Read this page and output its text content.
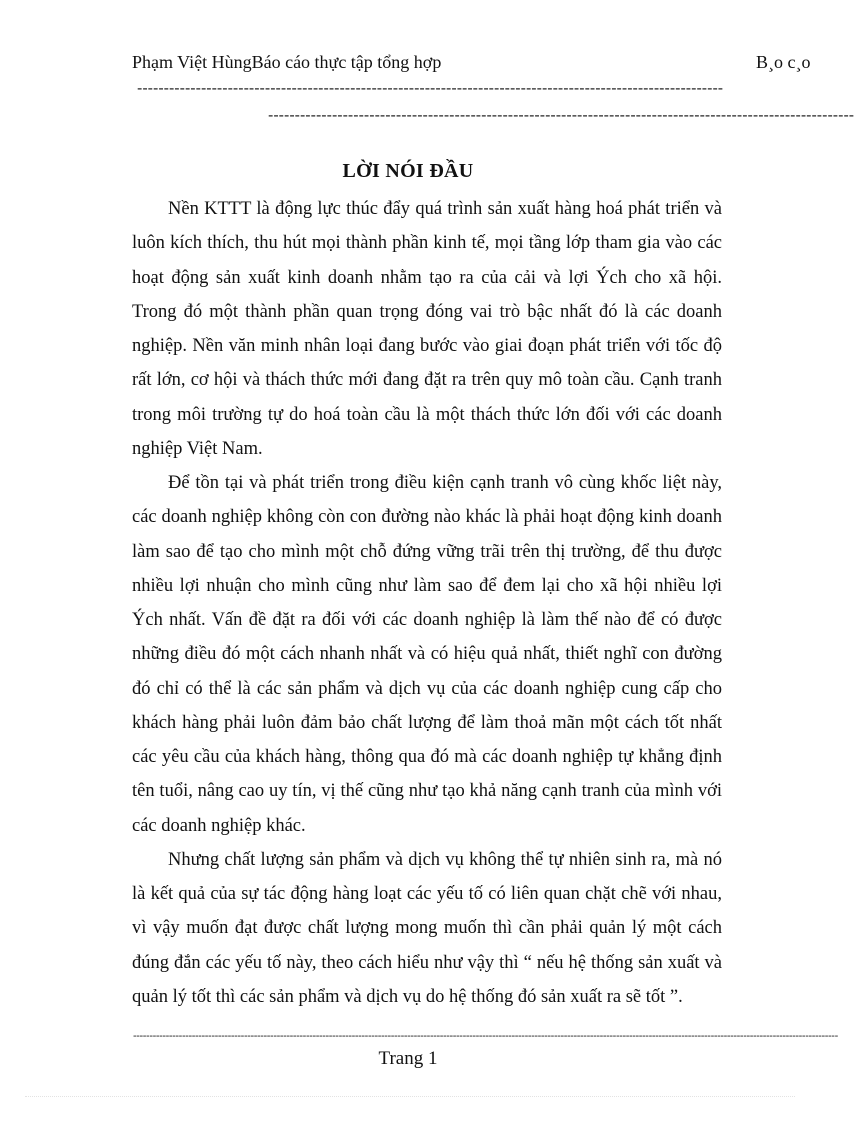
Phạm Việt HùngBáo cáo thực tập tổng hợp	B¸o c¸o
--------------------------------------------------------------------------------------------------------------
--------------------------------------------------------------------------------------------------------------
LỜI NÓI ĐẦU

Nền KTTT là động lực thúc đẩy quá trình sản xuất hàng hoá phát triển và luôn kích thích, thu hút mọi thành phần kinh tế, mọi tầng lớp tham gia vào các hoạt động sản xuất kinh doanh nhằm tạo ra của cải và lợi Ých cho xã hội. Trong đó một thành phần quan trọng đóng vai trò bậc nhất đó là các doanh nghiệp. Nền văn minh nhân loại đang bước vào giai đoạn phát triển với tốc độ rất lớn, cơ hội và thách thức mới đang đặt ra trên quy mô toàn cầu. Cạnh tranh trong môi trường tự do hoá toàn cầu là một thách thức lớn đối với các doanh nghiệp Việt Nam.

Để tồn tại và phát triển trong điều kiện cạnh tranh vô cùng khốc liệt này, các doanh nghiệp không còn con đường nào khác là phải hoạt động kinh doanh làm sao để tạo cho mình một chỗ đứng vững trãi trên thị trường, để thu được nhiều lợi nhuận cho mình cũng như làm sao để đem lại cho xã hội nhiều lợi Ých nhất. Vấn đề đặt ra đối với các doanh nghiệp là làm thế nào để có được những điều đó một cách nhanh nhất và có hiệu quả nhất, thiết nghĩ con đường đó chỉ có thể là các sản phẩm và dịch vụ của các doanh nghiệp cung cấp cho khách hàng phải luôn đảm bảo chất lượng để làm thoả mãn một cách tốt nhất các yêu cầu của khách hàng, thông qua đó mà các doanh nghiệp tự khẳng định tên tuổi, nâng cao uy tín, vị thế cũng như tạo khả năng cạnh tranh của mình với các doanh nghiệp khác.

Nhưng chất lượng sản phẩm và dịch vụ không thể tự nhiên sinh ra, mà nó là kết quả của sự tác động hàng loạt các yếu tố có liên quan chặt chẽ với nhau, vì vậy muốn đạt được chất lượng mong muốn thì cần phải quản lý một cách đúng đắn các yếu tố này, theo cách hiểu như vậy thì “ nếu hệ thống sản xuất và quản lý tốt thì các sản phẩm và dịch vụ do hệ thống đó sản xuất ra sẽ tốt ”.

------------------------------------------------------------------------------------------------------------------------------------------------------------------------------------------------------------------------
Trang 1
